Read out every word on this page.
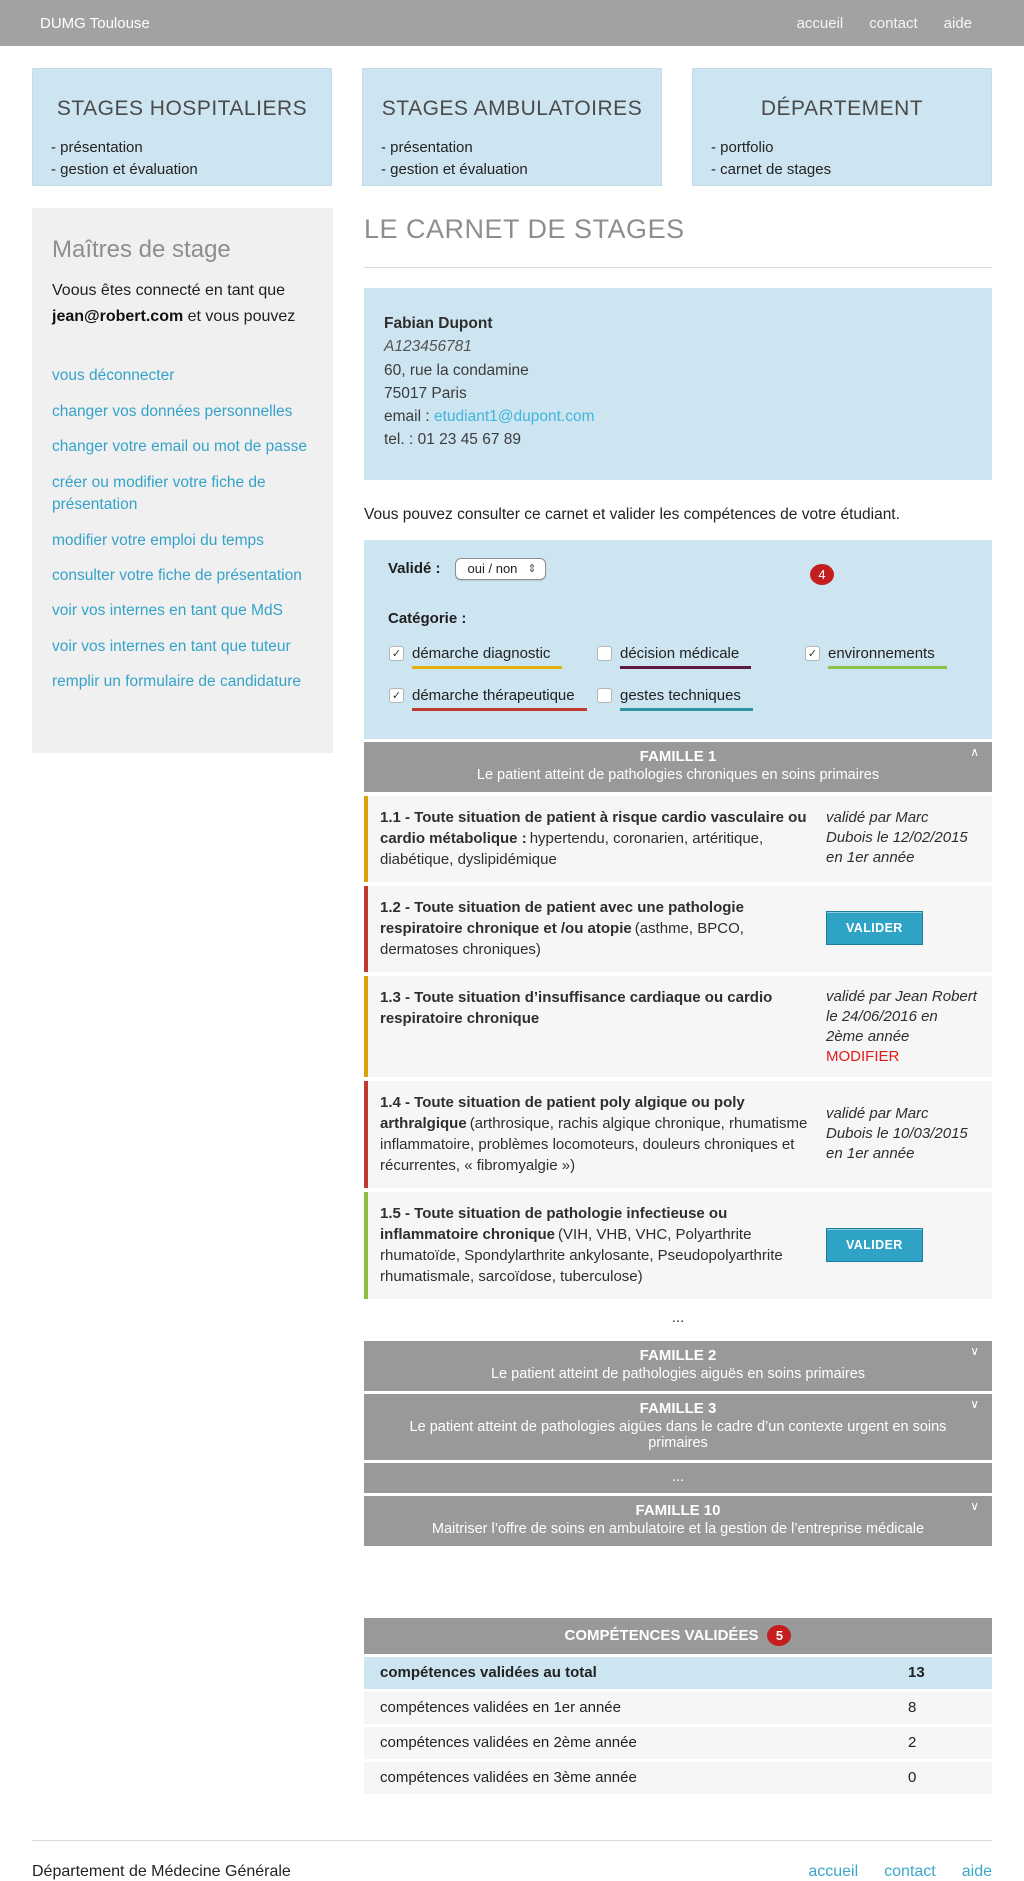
DUMG Toulouse	accueil contact aide
STAGES HOSPITALIERS
- présentation
- gestion et évaluation
STAGES AMBULATOIRES
- présentation
- gestion et évaluation
DÉPARTEMENT
- portfolio
- carnet de stages
Maîtres de stage
Voous êtes connecté en tant que jean@robert.com et vous pouvez
vous déconnecter
changer vos données personnelles
changer votre email ou mot de passe
créer ou modifier votre fiche de présentation
modifier votre emploi du temps
consulter votre fiche de présentation
voir vos internes en tant que MdS
voir vos internes en tant que tuteur
remplir un formulaire de candidature
LE CARNET DE STAGES
Fabian Dupont
A123456781
60, rue la condamine
75017 Paris
email : etudiant1@dupont.com
tel. : 01 23 45 67 89

Vous pouvez consulter ce carnet et valider les compétences de votre étudiant.

Validé : oui / non ⇕	4
Catégorie :
✓ démarche diagnostic	décision médicale	✓ environnements
✓ démarche thérapeutique	gestes techniques
FAMILLE 1
Le patient atteint de pathologies chroniques en soins primaires
∧
1.1 - Toute situation de patient à risque cardio vasculaire ou cardio métabolique : hypertendu, coronarien, artéritique, diabétique, dyslipidémique
validé par Marc Dubois le 12/02/2015 en 1er année
1.2 - Toute situation de patient avec une pathologie respiratoire chronique et /ou atopie (asthme, BPCO, dermatoses chroniques)
VALIDER
1.3 - Toute situation d’insuffisance cardiaque ou cardio respiratoire chronique
validé par Jean Robert le 24/06/2016 en 2ème année
MODIFIER
1.4 - Toute situation de patient poly algique ou poly arthralgique (arthrosique, rachis algique chronique, rhumatisme inflammatoire, problèmes locomoteurs, douleurs chroniques et récurrentes, « fibromyalgie »)
validé par Marc Dubois le 10/03/2015 en 1er année
1.5 - Toute situation de pathologie infectieuse ou inflammatoire chronique (VIH, VHB, VHC, Polyarthrite rhumatoïde, Spondylarthrite ankylosante, Pseudopolyarthrite rhumatismale, sarcoïdose, tuberculose)
VALIDER
...
FAMILLE 2
Le patient atteint de pathologies aiguës en soins primaires
∨
FAMILLE 3
Le patient atteint de pathologies aigües dans le cadre d’un contexte urgent en soins primaires
∨
...
FAMILLE 10
Maitriser l’offre de soins en ambulatoire et la gestion de l’entreprise médicale
∨
COMPÉTENCES VALIDÉES	5
compétences validées au total	13
compétences validées en 1er année	8
compétences validées en 2ème année	2
compétences validées en 3ème année	0
Département de Médecine Générale	accueil contact aide
